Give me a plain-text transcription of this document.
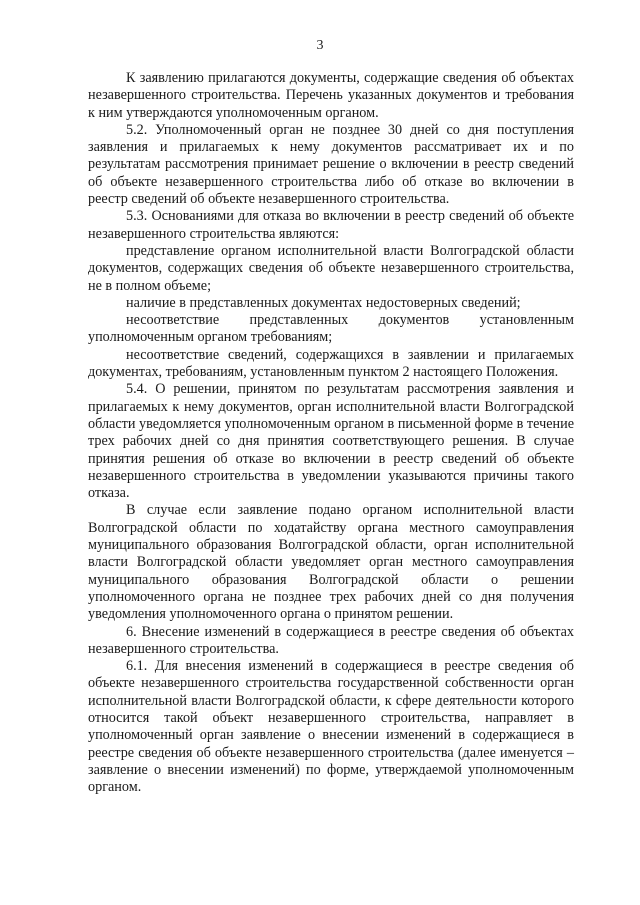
3

К заявлению прилагаются документы, содержащие сведения об объектах незавершенного строительства. Перечень указанных документов и требования к ним утверждаются уполномоченным органом.

5.2. Уполномоченный орган не позднее 30 дней со дня поступления заявления и прилагаемых к нему документов рассматривает их и по результатам рассмотрения принимает решение о включении в реестр сведений об объекте незавершенного строительства либо об отказе во включении в реестр сведений об объекте незавершенного строительства.

5.3. Основаниями для отказа во включении в реестр сведений об объекте незавершенного строительства являются:

представление органом исполнительной власти Волгоградской области документов, содержащих сведения об объекте незавершенного строительства, не в полном объеме;

наличие в представленных документах недостоверных сведений;

несоответствие представленных документов установленным уполномоченным органом требованиям;

несоответствие сведений, содержащихся в заявлении и прилагаемых документах, требованиям, установленным пунктом 2 настоящего Положения.

5.4. О решении, принятом по результатам рассмотрения заявления и прилагаемых к нему документов, орган исполнительной власти Волгоградской области уведомляется уполномоченным органом в письменной форме в течение трех рабочих дней со дня принятия соответствующего решения. В случае принятия решения об отказе во включении в реестр сведений об объекте незавершенного строительства в уведомлении указываются причины такого отказа.

В случае если заявление подано органом исполнительной власти Волгоградской области по ходатайству органа местного самоуправления муниципального образования Волгоградской области, орган исполнительной власти Волгоградской области уведомляет орган местного самоуправления муниципального образования Волгоградской области о решении уполномоченного органа не позднее трех рабочих дней со дня получения уведомления уполномоченного органа о принятом решении.

6. Внесение изменений в содержащиеся в реестре сведения об объектах незавершенного строительства.

6.1. Для внесения изменений в содержащиеся в реестре сведения об объекте незавершенного строительства государственной собственности орган исполнительной власти Волгоградской области, к сфере деятельности которого относится такой объект незавершенного строительства, направляет в уполномоченный орган заявление о внесении изменений в содержащиеся в реестре сведения об объекте незавершенного строительства (далее именуется – заявление о внесении изменений) по форме, утверждаемой уполномоченным органом.
